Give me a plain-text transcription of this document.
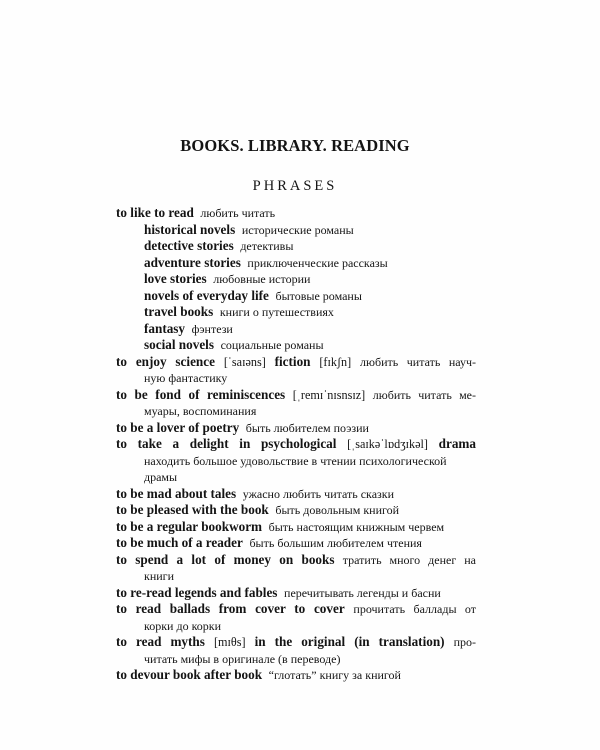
BOOKS. LIBRARY. READING
PHRASES
to like to read любить читать
historical novels исторические романы
detective stories детективы
adventure stories приключенческие рассказы
love stories любовные истории
novels of everyday life бытовые романы
travel books книги о путешествиях
fantasy фэнтези
social novels социальные романы
to enjoy science [ˈsaɪəns] fiction [fɪkʃn] любить читать науч-
ную фантастику
to be fond of reminiscences [ˌremɪˈnɪsnsɪz] любить читать ме-
муары, воспоминания
to be a lover of poetry быть любителем поэзии
to take a delight in psychological [ˌsaɪkəˈlɒdʒɪkəl] drama
находить большое удовольствие в чтении психологической
драмы
to be mad about tales ужасно любить читать сказки
to be pleased with the book быть довольным книгой
to be a regular bookworm быть настоящим книжным червем
to be much of a reader быть большим любителем чтения
to spend a lot of money on books тратить много денег на
книги
to re-read legends and fables перечитывать легенды и басни
to read ballads from cover to cover прочитать баллады от
корки до корки
to read myths [mɪθs] in the original (in translation) про-
читать мифы в оригинале (в переводе)
to devour book after book “глотать” книгу за книгой
